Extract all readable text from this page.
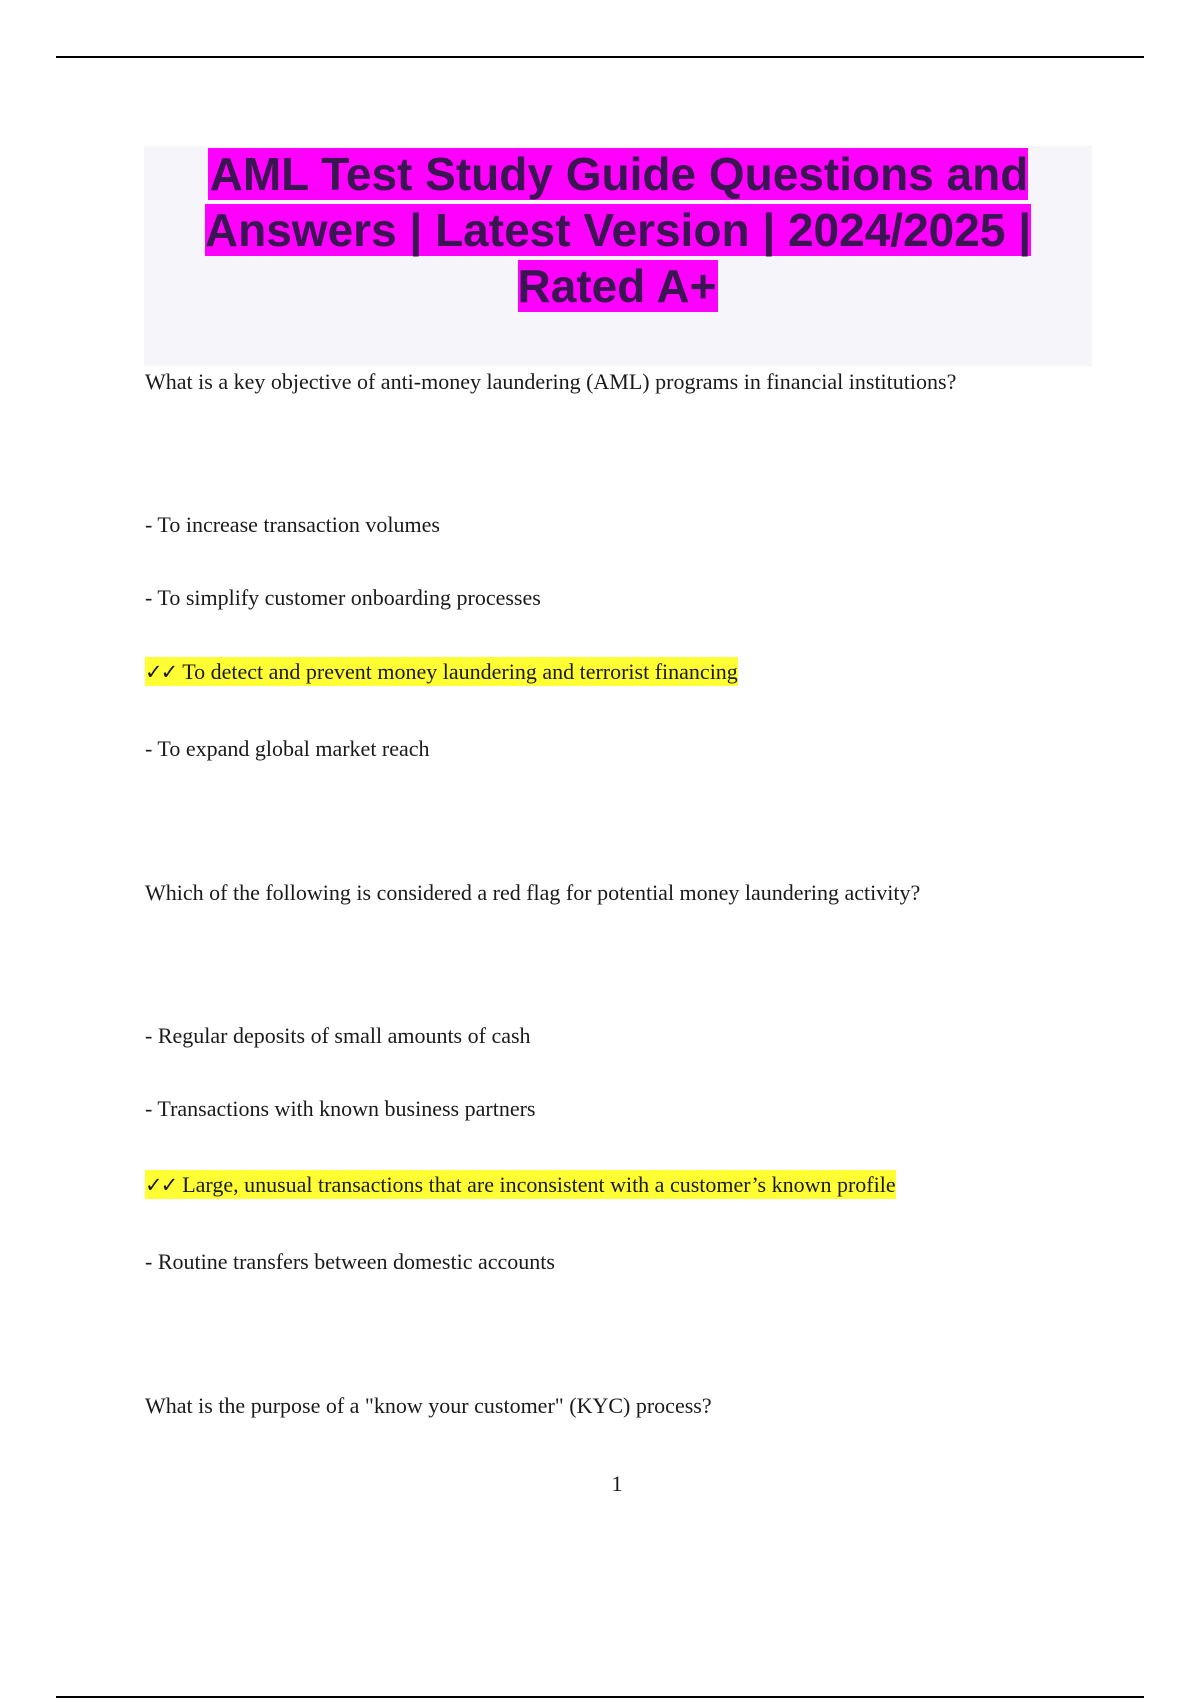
AML Test Study Guide Questions and Answers | Latest Version | 2024/2025 | Rated A+

What is a key objective of anti-money laundering (AML) programs in financial institutions?

- To increase transaction volumes

- To simplify customer onboarding processes

✓✓ To detect and prevent money laundering and terrorist financing

- To expand global market reach

Which of the following is considered a red flag for potential money laundering activity?

- Regular deposits of small amounts of cash

- Transactions with known business partners

✓✓ Large, unusual transactions that are inconsistent with a customer’s known profile

- Routine transfers between domestic accounts

What is the purpose of a "know your customer" (KYC) process?

1
